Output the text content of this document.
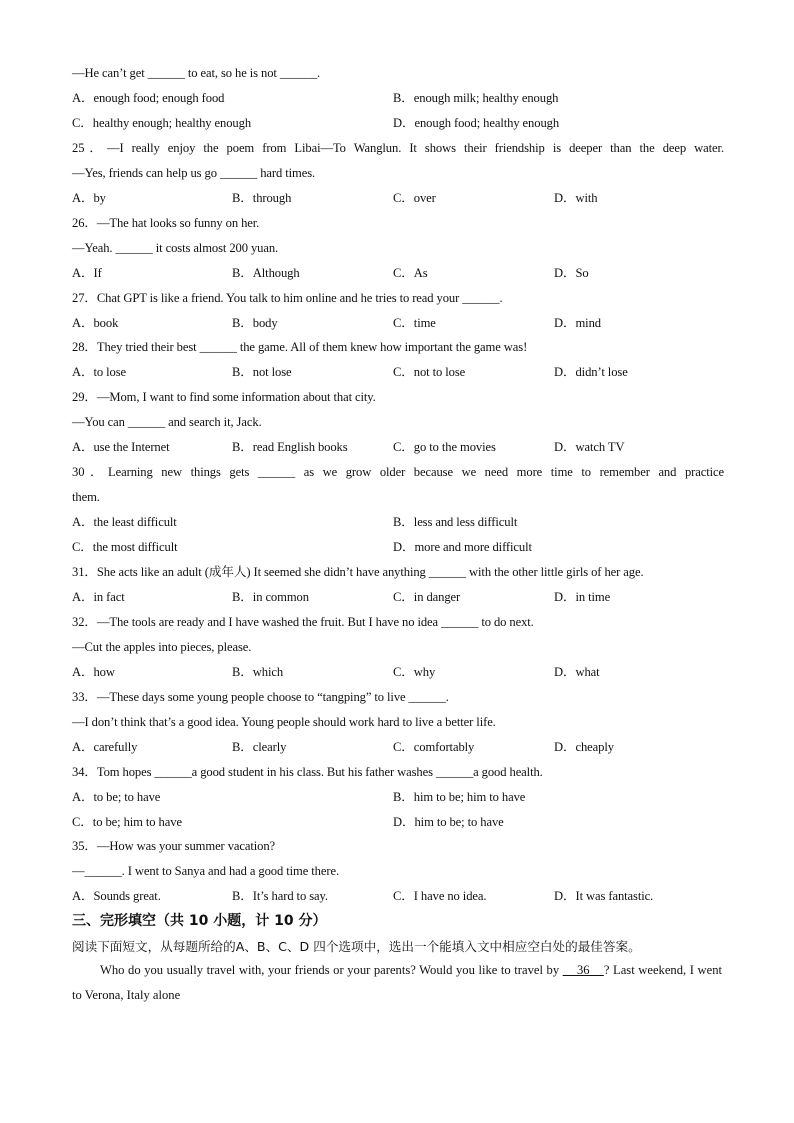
—He can’t get ______ to eat, so he is not ______.
A．enough food; enough food	B．enough milk; healthy enough
C．healthy enough; healthy enough	D．enough food; healthy enough
25．—I really enjoy the poem from Libai—To Wanglun. It shows their friendship is deeper than the deep water.
—Yes, friends can help us go ______ hard times.
A．by	B．through	C．over	D．with
26．—The hat looks so funny on her.
—Yeah. ______ it costs almost 200 yuan.
A．If	B．Although	C．As	D．So
27．Chat GPT is like a friend. You talk to him online and he tries to read your ______.
A．book	B．body	C．time	D．mind
28．They tried their best ______ the game. All of them knew how important the game was!
A．to lose	B．not lose	C．not to lose	D．didn’t lose
29．—Mom, I want to find some information about that city.
—You can ______ and search it, Jack.
A．use the Internet	B．read English books	C．go to the movies	D．watch TV
30．Learning new things gets ______ as we grow older because we need more time to remember and practice
them.
A．the least difficult	B．less and less difficult
C．the most difficult	D．more and more difficult
31．She acts like an adult (成年人) It seemed she didn’t have anything ______ with the other little girls of her age.
A．in fact	B．in common	C．in danger	D．in time
32．—The tools are ready and I have washed the fruit. But I have no idea ______ to do next.
—Cut the apples into pieces, please.
A．how	B．which	C．why	D．what
33．—These days some young people choose to “tangping” to live ______.
—I don’t think that’s a good idea. Young people should work hard to live a better life.
A．carefully	B．clearly	C．comfortably	D．cheaply
34．Tom hopes ______a good student in his class. But his father washes ______a good health.
A．to be; to have	B．him to be; him to have
C．to be; him to have	D．him to be; to have
35．—How was your summer vacation?
—______. I went to Sanya and had a good time there.
A．Sounds great.	B．It’s hard to say.	C．I have no idea.	D．It was fantastic.
三、完形填空（共 10 小题，计 10 分）
阅读下面短文，从每题所给的A、B、C、D 四个选项中，选出一个能填入文中相应空白处的最佳答案。
Who do you usually travel with, your friends or your parents? Would you like to travel by     36    ? Last weekend, I went to Verona, Italy alone
